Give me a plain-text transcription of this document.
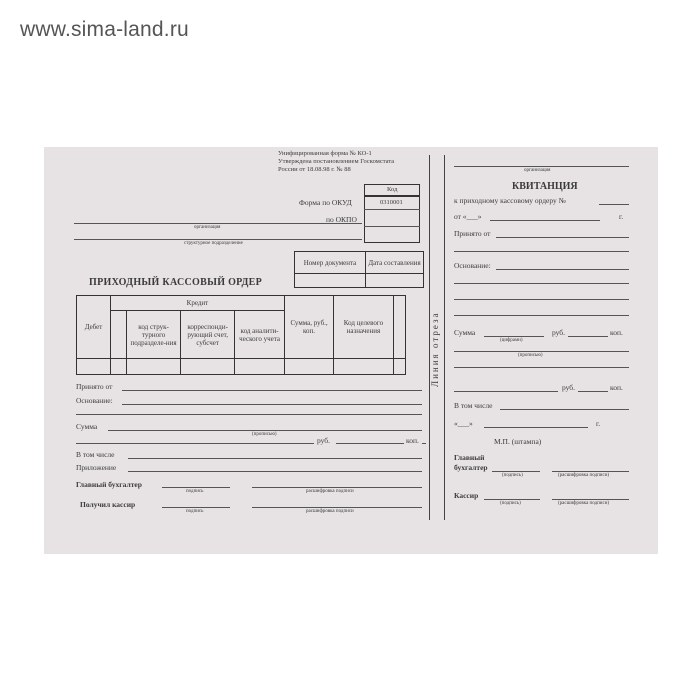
www.sima-land.ru
Унифицированная форма № КО-1
Утверждена постановлением Госкомстата
России от 18.08.98 г. № 88
Код
Форма по ОКУД	0310001
по ОКПО
организация
структурное подразделение
Номер документа	Дата составления

ПРИХОДНЫЙ КАССОВЫЙ ОРДЕР
Дебет	Кредит				Сумма, руб., коп.	Код целевого назначения	
		код струк-турного подразделе-ния	корреспонди-рующий счет, субсчет	код аналити-ческого учета			

Принято от
Основание:
Сумма
(прописью)
руб.	коп.
В том числе
Приложение
Главный бухгалтер
подпись	расшифровка подписи
Получил кассир
подпись	расшифровка подписи
Линия отреза
организация
КВИТАНЦИЯ
к приходному кассовому ордеру №
от «___»	г.
Принято от
Основание:
Сумма
(цифрами)
руб.	коп.
(прописью)
руб.	коп.
В том числе
«___»	г.
М.П. (штампа)
Главный
бухгалтер
(подпись)	(расшифровка подписи)
Кассир
(подпись)	(расшифровка подписи)
